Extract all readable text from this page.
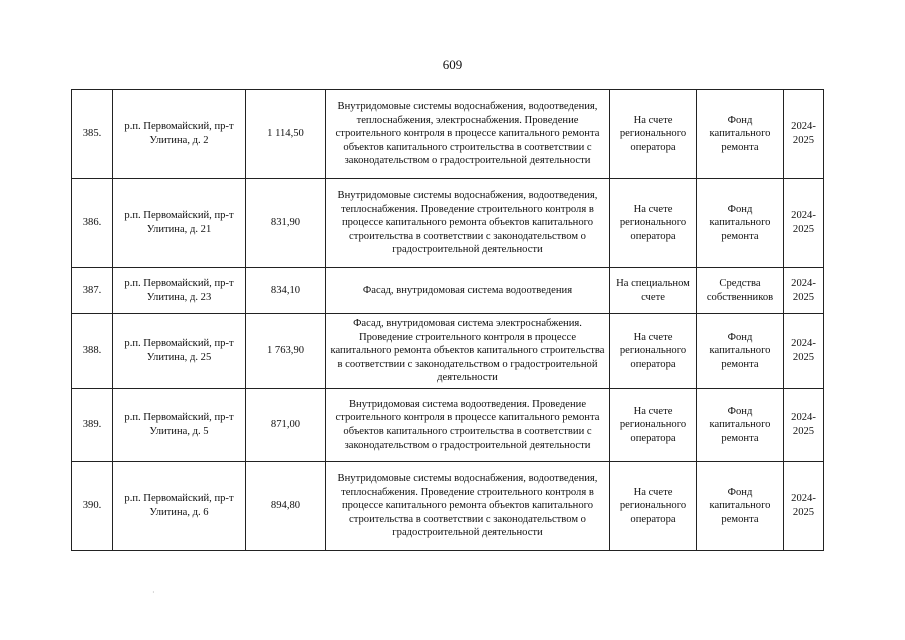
609
385.	р.п. Первомайский, пр-т Улитина, д. 2	1 114,50	Внутридомовые системы водоснабжения, водоотведения, теплоснабжения, электроснабжения. Проведение строительного контроля в процессе капитального ремонта объектов капитального строительства в соответствии с законодательством о градостроительной деятельности	На счете регионального оператора	Фонд капитального ремонта	2024-2025
386.	р.п. Первомайский, пр-т Улитина, д. 21	831,90	Внутридомовые системы водоснабжения, водоотведения, теплоснабжения. Проведение строительного контроля в процессе капитального ремонта объектов капитального строительства в соответствии с законодательством о градостроительной деятельности	На счете регионального оператора	Фонд капитального ремонта	2024-2025
387.	р.п. Первомайский, пр-т Улитина, д. 23	834,10	Фасад, внутридомовая система водоотведения	На специальном счете	Средства собственников	2024-2025
388.	р.п. Первомайский, пр-т Улитина, д. 25	1 763,90	Фасад, внутридомовая система электроснабжения. Проведение строительного контроля в процессе капитального ремонта объектов капитального строительства в соответствии с законодательством о градостроительной деятельности	На счете регионального оператора	Фонд капитального ремонта	2024-2025
389.	р.п. Первомайский, пр-т Улитина, д. 5	871,00	Внутридомовая система водоотведения. Проведение строительного контроля в процессе капитального ремонта объектов капитального строительства в соответствии с законодательством о градостроительной деятельности	На счете регионального оператора	Фонд капитального ремонта	2024-2025
390.	р.п. Первомайский, пр-т Улитина, д. 6	894,80	Внутридомовые системы водоснабжения, водоотведения, теплоснабжения. Проведение строительного контроля в процессе капитального ремонта объектов капитального строительства в соответствии с законодательством о градостроительной деятельности	На счете регионального оператора	Фонд капитального ремонта	2024-2025
·
